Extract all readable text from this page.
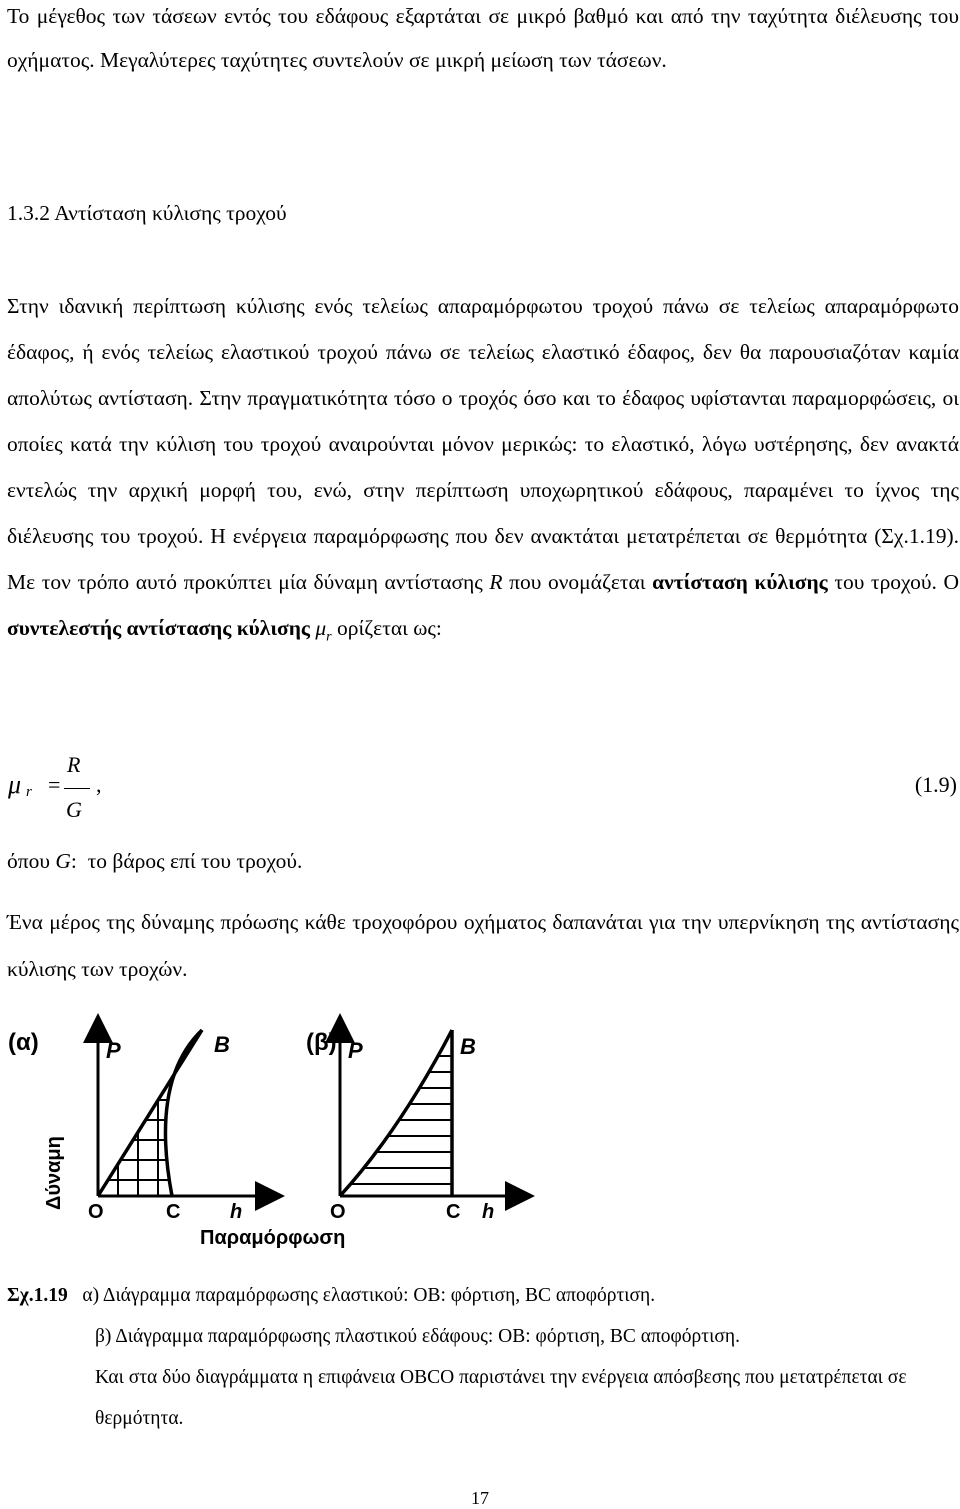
Το μέγεθος των τάσεων εντός του εδάφους εξαρτάται σε μικρό βαθμό και από την ταχύτητα διέλευσης του οχήματος. Μεγαλύτερες ταχύτητες συντελούν σε μικρή μείωση των τάσεων.
1.3.2 Αντίσταση κύλισης τροχού
Στην ιδανική περίπτωση κύλισης ενός τελείως απαραμόρφωτου τροχού πάνω σε τελείως απαραμόρφωτο έδαφος, ή ενός τελείως ελαστικού τροχού πάνω σε τελείως ελαστικό έδαφος, δεν θα παρουσιαζόταν καμία απολύτως αντίσταση. Στην πραγματικότητα τόσο ο τροχός όσο και το έδαφος υφίστανται παραμορφώσεις, οι οποίες κατά την κύλιση του τροχού αναιρούνται μόνον μερικώς: το ελαστικό, λόγω υστέρησης, δεν ανακτά εντελώς την αρχική μορφή του, ενώ, στην περίπτωση υποχωρητικού εδάφους, παραμένει το ίχνος της διέλευσης του τροχού. Η ενέργεια παραμόρφωσης που δεν ανακτάται μετατρέπεται σε θερμότητα (Σχ.1.19). Με τον τρόπο αυτό προκύπτει μία δύναμη αντίστασης R που ονομάζεται αντίσταση κύλισης του τροχού. Ο συντελεστής αντίστασης κύλισης $\mu_r$ ορίζεται ως:
μ r =
R
G
,	(1.9)
όπου G: το βάρος επί του τροχού.
Ένα μέρος της δύναμης πρόωσης κάθε τροχοφόρου οχήματος δαπανάται για την υπερνίκηση της αντίστασης κύλισης των τροχών.
(α)	P	B
O	C h
Δύναμη
(β) P	B
O	C h
Παραμόρφωση
Σχ.1.19 α) Διάγραμμα παραμόρφωσης ελαστικού: ΟΒ: φόρτιση, ΒC αποφόρτιση.
β) Διάγραμμα παραμόρφωσης πλαστικού εδάφους: ΟΒ: φόρτιση, ΒC αποφόρτιση.
Και στα δύο διαγράμματα η επιφάνεια ΟΒCO παριστάνει την ενέργεια απόσβεσης που μετατρέπεται σε θερμότητα.
17
